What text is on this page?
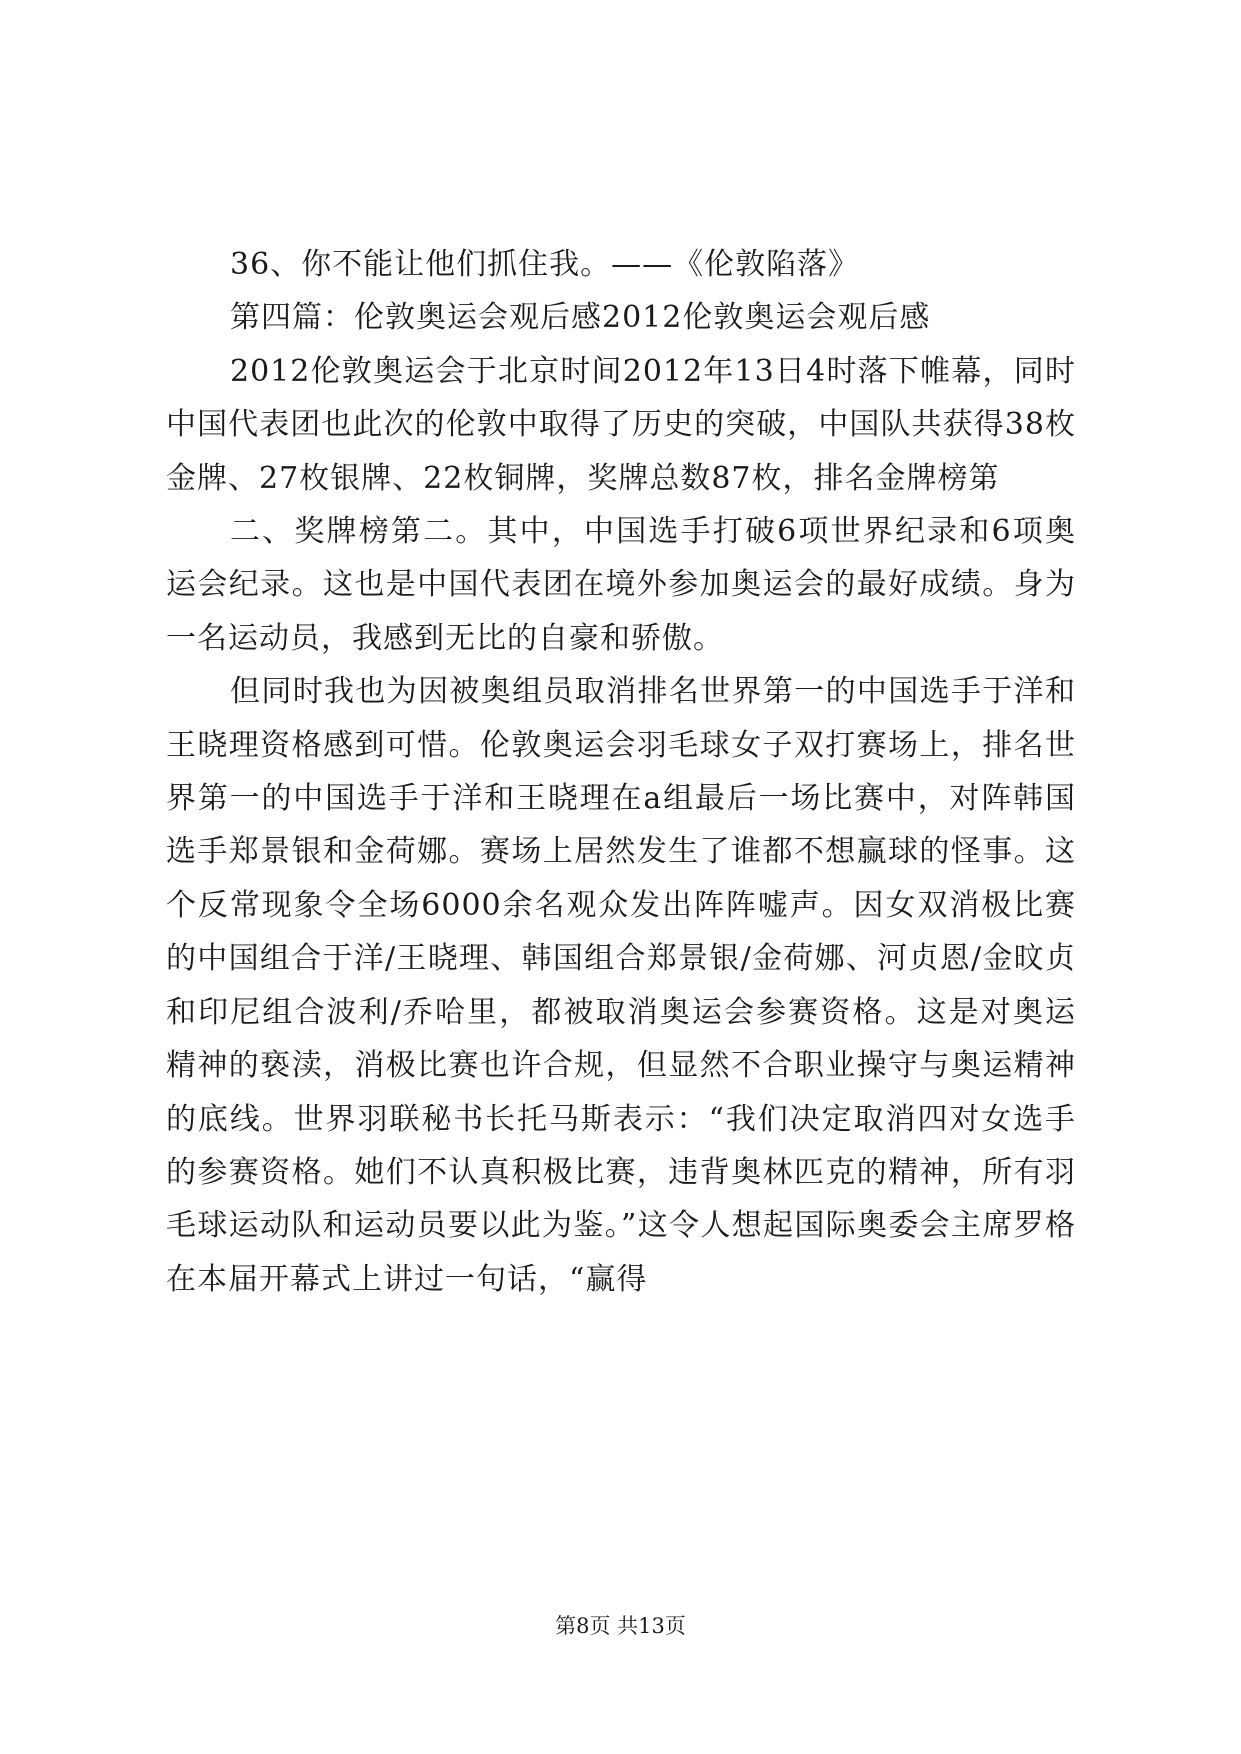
36、你不能让他们抓住我。——《伦敦陷落》

第四篇：伦敦奥运会观后感2012伦敦奥运会观后感

2012伦敦奥运会于北京时间2012年13日4时落下帷幕，同时中国代表团也此次的伦敦中取得了历史的突破，中国队共获得38枚金牌、27枚银牌、22枚铜牌，奖牌总数87枚，排名金牌榜第

二、奖牌榜第二。其中，中国选手打破6项世界纪录和6项奥运会纪录。这也是中国代表团在境外参加奥运会的最好成绩。身为一名运动员，我感到无比的自豪和骄傲。

但同时我也为因被奥组员取消排名世界第一的中国选手于洋和王晓理资格感到可惜。伦敦奥运会羽毛球女子双打赛场上，排名世界第一的中国选手于洋和王晓理在a组最后一场比赛中，对阵韩国选手郑景银和金荷娜。赛场上居然发生了谁都不想赢球的怪事。这个反常现象令全场6000余名观众发出阵阵嘘声。因女双消极比赛的中国组合于洋/王晓理、韩国组合郑景银/金荷娜、河贞恩/金旼贞和印尼组合波利/乔哈里，都被取消奥运会参赛资格。这是对奥运精神的亵渎，消极比赛也许合规，但显然不合职业操守与奥运精神的底线。世界羽联秘书长托马斯表示：“我们决定取消四对女选手的参赛资格。她们不认真积极比赛，违背奥林匹克的精神，所有羽毛球运动队和运动员要以此为鉴。”这令人想起国际奥委会主席罗格在本届开幕式上讲过一句话，“赢得

第8页 共13页
